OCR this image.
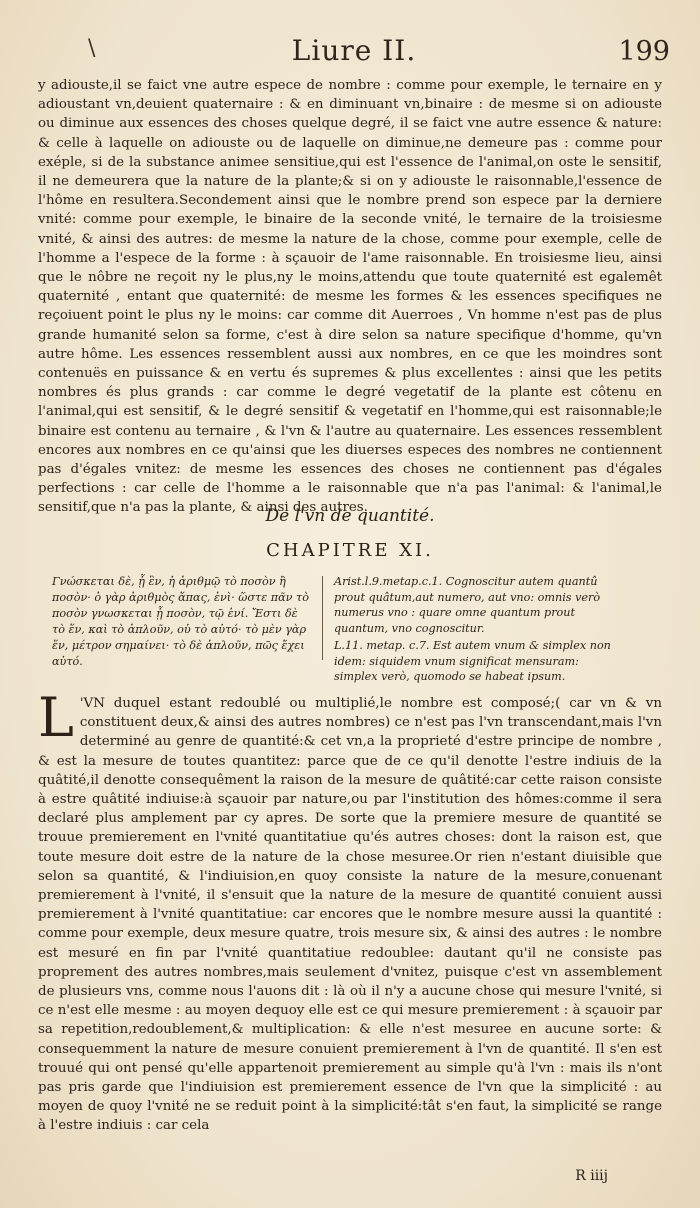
\	Liure II.	199

y adiouste,il se faict vne autre espece de nombre : comme pour exemple, le ternaire en y adioustant vn,deuient quaternaire : & en diminuant vn,binaire : de mesme si on adiouste ou diminue aux essences des choses quelque degré, il se faict vne autre essence & nature: & celle à laquelle on adiouste ou de laquelle on diminue,ne demeure pas : comme pour exéple, si de la substance animee sensitiue,qui est l'essence de l'animal,on oste le sensitif, il ne demeurera que la nature de la plante;& si on y adiouste le raisonnable,l'essence de l'hôme en resultera.Secondement ainsi que le nombre prend son espece par la derniere vnité: comme pour exemple, le binaire de la seconde vnité, le ternaire de la troisiesme vnité, & ainsi des autres: de mesme la nature de la chose, comme pour exemple, celle de l'homme a l'espece de la forme : à sçauoir de l'ame raisonnable. En troisiesme lieu, ainsi que le nôbre ne reçoit ny le plus,ny le moins,attendu que toute quaternité est egalemêt quaternité , entant que quaternité: de mesme les formes & les essences specifiques ne reçoiuent point le plus ny le moins: car comme dit Auerroes , Vn homme n'est pas de plus grande humanité selon sa forme, c'est à dire selon sa nature specifique d'homme, qu'vn autre hôme. Les essences ressemblent aussi aux nombres, en ce que les moindres sont contenuës en puissance & en vertu és supremes & plus excellentes : ainsi que les petits nombres és plus grands : car comme le degré vegetatif de la plante est côtenu en l'animal,qui est sensitif, & le degré sensitif & vegetatif en l'homme,qui est raisonnable;le binaire est contenu au ternaire , & l'vn & l'autre au quaternaire. Les essences ressemblent encores aux nombres en ce qu'ainsi que les diuerses especes des nombres ne contiennent pas d'égales vnitez: de mesme les essences des choses ne contiennent pas d'égales perfections : car celle de l'homme a le raisonnable que n'a pas l'animal: & l'animal,le sensitif,que n'a pas la plante, & ainsi des autres.

De l'vn de quantité.
CHAPITRE XI.
Γνώσκεται δὲ, ᾗ ἓν, ἡ ἀριθμῷ τὸ ποσὸν ἢ ποσὸν· ὁ γὰρ ἀριθμὸς ἅπας, ἑνὶ· ὥστε πᾶν τὸ ποσὸν γνωσκεται ᾗ ποσὸν, τῷ ἑνί. Ἔστι δὲ τὸ ἕν, καὶ τὸ ἁπλοῦν, οὐ τὸ αὐτό· τὸ μὲν γὰρ ἕν, μέτρον σημαίνει· τὸ δὲ ἁπλοῦν, πῶς ἔχει αὐτό.

Arist.l.9.metap.c.1. Cognoscitur autem quantû prout quâtum,aut numero, aut vno: omnis verò numerus vno : quare omne quantum prout quantum, vno cognoscitur.

L.11. metap. c.7. Est autem vnum & simplex non idem: siquidem vnum significat mensuram: simplex verò, quomodo se habeat ipsum.

L 'VN duquel estant redoublé ou multiplié,le nombre est composé;( car vn & vn constituent deux,& ainsi des autres nombres) ce n'est pas l'vn transcendant,mais l'vn determiné au genre de quantité:& cet vn,a la proprieté d'estre principe de nombre , & est la mesure de toutes quantitez: parce que de ce qu'il denotte l'estre indiuis de la quâtité,il denotte consequêment la raison de la mesure de quâtité:car cette raison consiste à estre quâtité indiuise:à sçauoir par nature,ou par l'institution des hômes:comme il sera declaré plus amplement par cy apres. De sorte que la premiere mesure de quantité se trouue premierement en l'vnité quantitatiue qu'és autres choses: dont la raison est, que toute mesure doit estre de la nature de la chose mesuree.Or rien n'estant diuisible que selon sa quantité, & l'indiuision,en quoy consiste la nature de la mesure,conuenant premierement à l'vnité, il s'ensuit que la nature de la mesure de quantité conuient aussi premierement à l'vnité quantitatiue: car encores que le nombre mesure aussi la quantité : comme pour exemple, deux mesure quatre, trois mesure six, & ainsi des autres : le nombre est mesuré en fin par l'vnité quantitatiue redoublee: dautant qu'il ne consiste pas proprement des autres nombres,mais seulement d'vnitez, puisque c'est vn assemblement de plusieurs vns, comme nous l'auons dit : là où il n'y a aucune chose qui mesure l'vnité, si ce n'est elle mesme : au moyen dequoy elle est ce qui mesure premierement : à sçauoir par sa repetition,redoublement,& multiplication: & elle n'est mesuree en aucune sorte: & consequemment la nature de mesure conuient premierement à l'vn de quantité. Il s'en est trouué qui ont pensé qu'elle appartenoit premierement au simple qu'à l'vn : mais ils n'ont pas pris garde que l'indiuision est premierement essence de l'vn que la simplicité : au moyen de quoy l'vnité ne se reduit point à la simplicité:tât s'en faut, la simplicité se range à l'estre indiuis : car cela
R iiij
